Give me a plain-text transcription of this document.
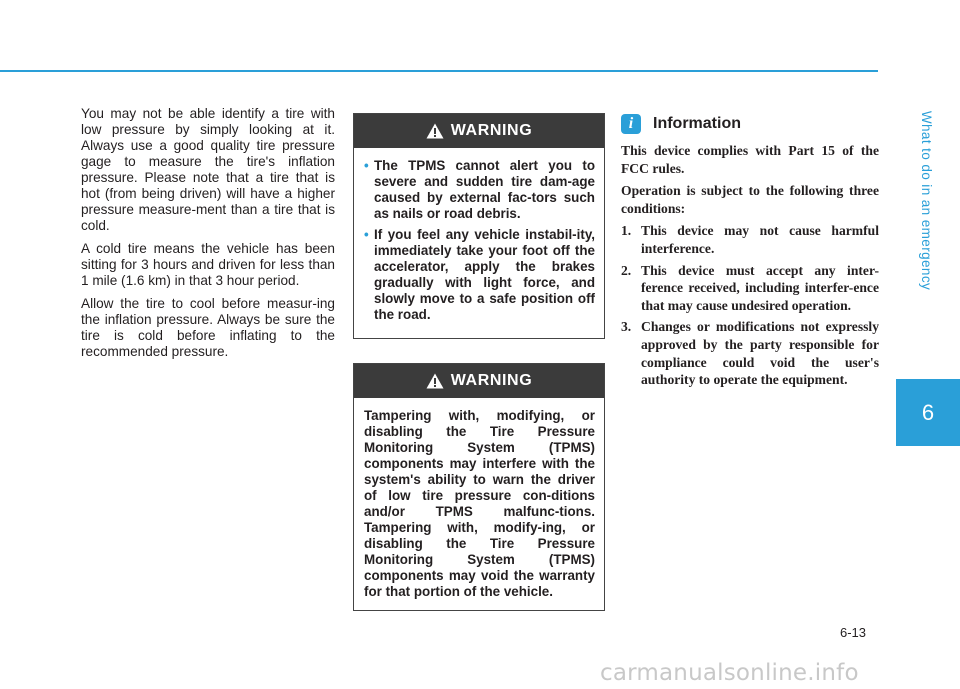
What to do in an emergency
6

You may not be able identify a tire with low pressure by simply looking at it. Always use a good quality tire pressure gage to measure the tire's inflation pressure. Please note that a tire that is hot (from being driven) will have a higher pressure measure-ment than a tire that is cold.

A cold tire means the vehicle has been sitting for 3 hours and driven for less than 1 mile (1.6 km) in that 3 hour period.

Allow the tire to cool before measur-ing the inflation pressure. Always be sure the tire is cold before inflating to the recommended pressure.

WARNING
• The TPMS cannot alert you to severe and sudden tire dam-age caused by external fac-tors such as nails or road debris.
• If you feel any vehicle instabil-ity, immediately take your foot off the accelerator, apply the brakes gradually with light force, and slowly move to a safe position off the road.
WARNING
Tampering with, modifying, or disabling the Tire Pressure Monitoring System (TPMS) components may interfere with the system's ability to warn the driver of low tire pressure con-ditions and/or TPMS malfunc-tions. Tampering with, modify-ing, or disabling the Tire Pressure Monitoring System (TPMS) components may void the warranty for that portion of the vehicle.
i	Information

This device complies with Part 15 of the FCC rules.

Operation is subject to the following three conditions:

1. This device may not cause harmful interference.
2. This device must accept any inter-ference received, including interfer-ence that may cause undesired operation.
3. Changes or modifications not expressly approved by the party responsible for compliance could void the user's authority to operate the equipment.
6-13
carmanualsonline.info
